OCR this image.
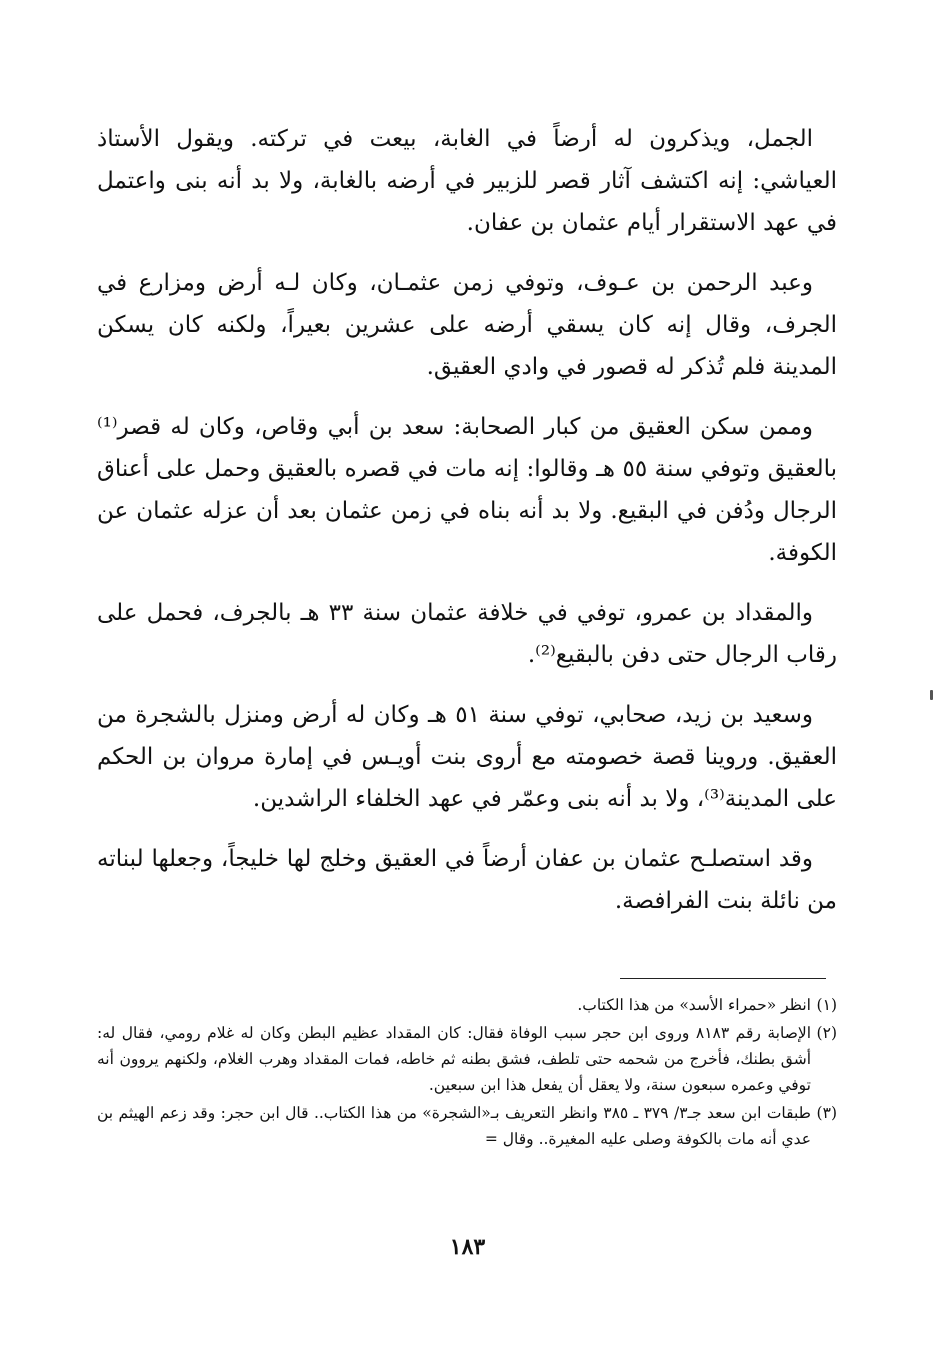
الجمل، ويذكرون له أرضاً في الغابة، بيعت في تركته. ويقول الأستاذ العياشي: إنه اكتشف آثار قصر للزبير في أرضه بالغابة، ولا بد أنه بنى واعتمل في عهد الاستقرار أيام عثمان بن عفان.

وعبد الرحمن بن عـوف، وتوفي زمن عثمـان، وكان لـه أرض ومزارع في الجرف، وقال إنه كان يسقي أرضه على عشرين بعيراً، ولكنه كان يسكن المدينة فلم تُذكر له قصور في وادي العقيق.

وممن سكن العقيق من كبار الصحابة: سعد بن أبي وقاص، وكان له قصر⁽¹⁾ بالعقيق وتوفي سنة ٥٥ هـ وقالوا: إنه مات في قصره بالعقيق وحمل على أعناق الرجال ودُفن في البقيع. ولا بد أنه بناه في زمن عثمان بعد أن عزله عثمان عن الكوفة.

والمقداد بن عمرو، توفي في خلافة عثمان سنة ٣٣ هـ بالجرف، فحمل على رقاب الرجال حتى دفن بالبقيع⁽²⁾.

وسعيد بن زيد، صحابي، توفي سنة ٥١ هـ وكان له أرض ومنزل بالشجرة من العقيق. وروينا قصة خصومته مع أروى بنت أويـس في إمارة مروان بن الحكم على المدينة⁽³⁾، ولا بد أنه بنى وعمّر في عهد الخلفاء الراشدين.

وقد استصلـح عثمان بن عفان أرضاً في العقيق وخلج لها خليجاً، وجعلها لبناته من نائلة بنت الفرافصة.

(١)
انظر «حمراء الأسد» من هذا الكتاب.

(٢)
الإصابة رقم ٨١٨٣ وروى ابن حجر سبب الوفاة فقال: كان المقداد عظيم البطن وكان له غلام رومي، فقال له: أشق بطنك، فأخرج من شحمه حتى تلطف، فشق بطنه ثم خاطه، فمات المقداد وهرب الغلام، ولكنهم يروون أنه توفي وعمره سبعون سنة، ولا يعقل أن يفعل هذا ابن سبعين.

(٣)
طبقات ابن سعد جـ٣/ ٣٧٩ ـ ٣٨٥ وانظر التعريف بـ«الشجرة» من هذا الكتاب.. قال ابن حجر: وقد زعم الهيثم بن عدي أنه مات بالكوفة وصلى عليه المغيرة.. وقال =

١٨٣
